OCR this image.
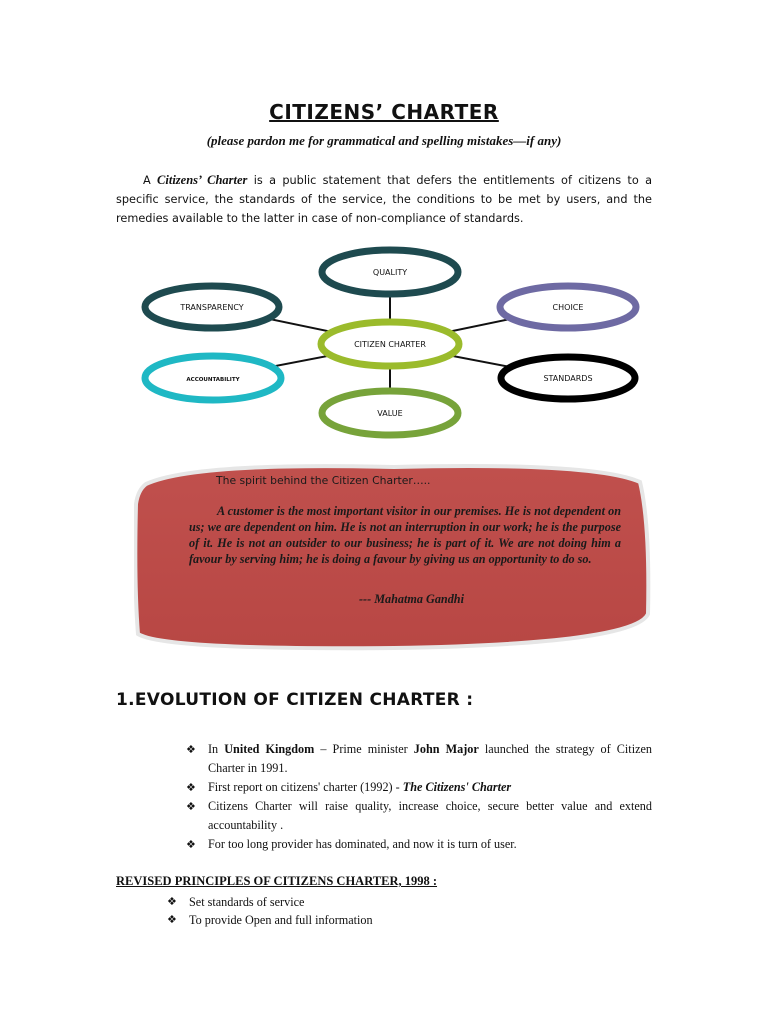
CITIZENS’ CHARTER
(please pardon me for grammatical and spelling mistakes—if any)
A Citizens’ Charter is a public statement that defers the entitlements of citizens to a specific service, the standards of the service, the conditions to be met by users, and the remedies available to the latter in case of non-compliance of standards.
QUALITY
TRANSPARENCY	CHOICE
ACCOUNTABILITY	STANDARDS
VALUE
CITIZEN CHARTER
The spirit behind the Citizen Charter…..
A customer is the most important visitor in our premises. He is not dependent on us; we are dependent on him. He is not an interruption in our work; he is the purpose of it. He is not an outsider to our business; he is part of it. We are not doing him a favour by serving him; he is doing a favour by giving us an opportunity to do so.
--- Mahatma Gandhi
1.EVOLUTION OF CITIZEN CHARTER :
❖ In United Kingdom – Prime minister John Major launched the strategy of Citizen Charter in 1991.
❖ First report on citizens' charter (1992) - The Citizens' Charter
❖ Citizens Charter will raise quality, increase choice, secure better value and extend accountability .
❖ For too long provider has dominated, and now it is turn of user.
REVISED PRINCIPLES OF CITIZENS CHARTER, 1998 :
❖ Set standards of service
❖ To provide Open and full information
